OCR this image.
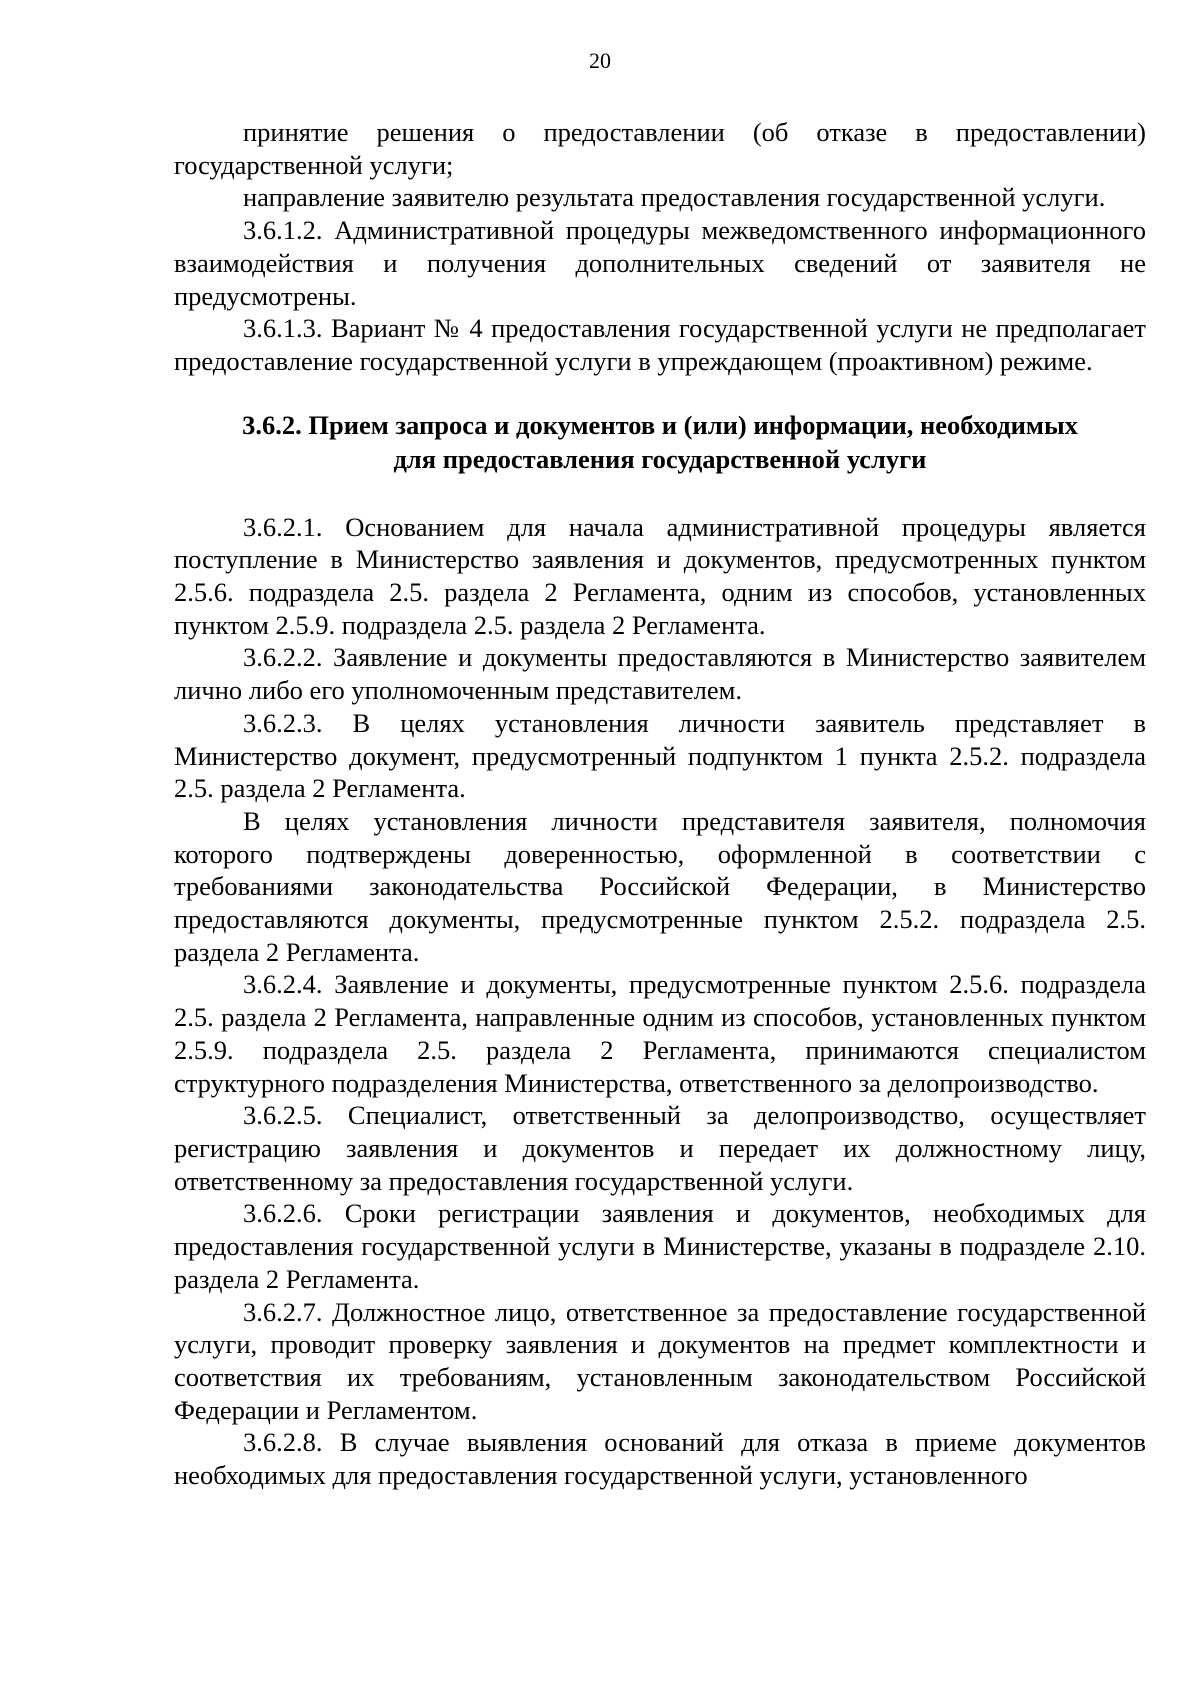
20

принятие решения о предоставлении (об отказе в предоставлении) государственной услуги;

направление заявителю результата предоставления государственной услуги.

3.6.1.2. Административной процедуры межведомственного информационного взаимодействия и получения дополнительных сведений от заявителя не предусмотрены.

3.6.1.3. Вариант № 4 предоставления государственной услуги не предполагает предоставление государственной услуги в упреждающем (проактивном) режиме.

3.6.2. Прием запроса и документов и (или) информации, необходимых
для предоставления государственной услуги

3.6.2.1. Основанием для начала административной процедуры является поступление в Министерство заявления и документов, предусмотренных пунктом 2.5.6. подраздела 2.5. раздела 2 Регламента, одним из способов, установленных пунктом 2.5.9. подраздела 2.5. раздела 2 Регламента.

3.6.2.2. Заявление и документы предоставляются в Министерство заявителем лично либо его уполномоченным представителем.

3.6.2.3. В целях установления личности заявитель представляет в Министерство документ, предусмотренный подпунктом 1 пункта 2.5.2. подраздела 2.5. раздела 2 Регламента.

В целях установления личности представителя заявителя, полномочия которого подтверждены доверенностью, оформленной в соответствии с требованиями законодательства Российской Федерации, в Министерство предоставляются документы, предусмотренные пунктом 2.5.2. подраздела 2.5. раздела 2 Регламента.

3.6.2.4. Заявление и документы, предусмотренные пунктом 2.5.6. подраздела 2.5. раздела 2 Регламента, направленные одним из способов, установленных пунктом 2.5.9. подраздела 2.5. раздела 2 Регламента, принимаются специалистом структурного подразделения Министерства, ответственного за делопроизводство.

3.6.2.5. Специалист, ответственный за делопроизводство, осуществляет регистрацию заявления и документов и передает их должностному лицу, ответственному за предоставления государственной услуги.

3.6.2.6. Сроки регистрации заявления и документов, необходимых для предоставления государственной услуги в Министерстве, указаны в подразделе 2.10. раздела 2 Регламента.

3.6.2.7. Должностное лицо, ответственное за предоставление государственной услуги, проводит проверку заявления и документов на предмет комплектности и соответствия их требованиям, установленным законодательством Российской Федерации и Регламентом.

3.6.2.8. В случае выявления оснований для отказа в приеме документов необходимых для предоставления государственной услуги, установленного
